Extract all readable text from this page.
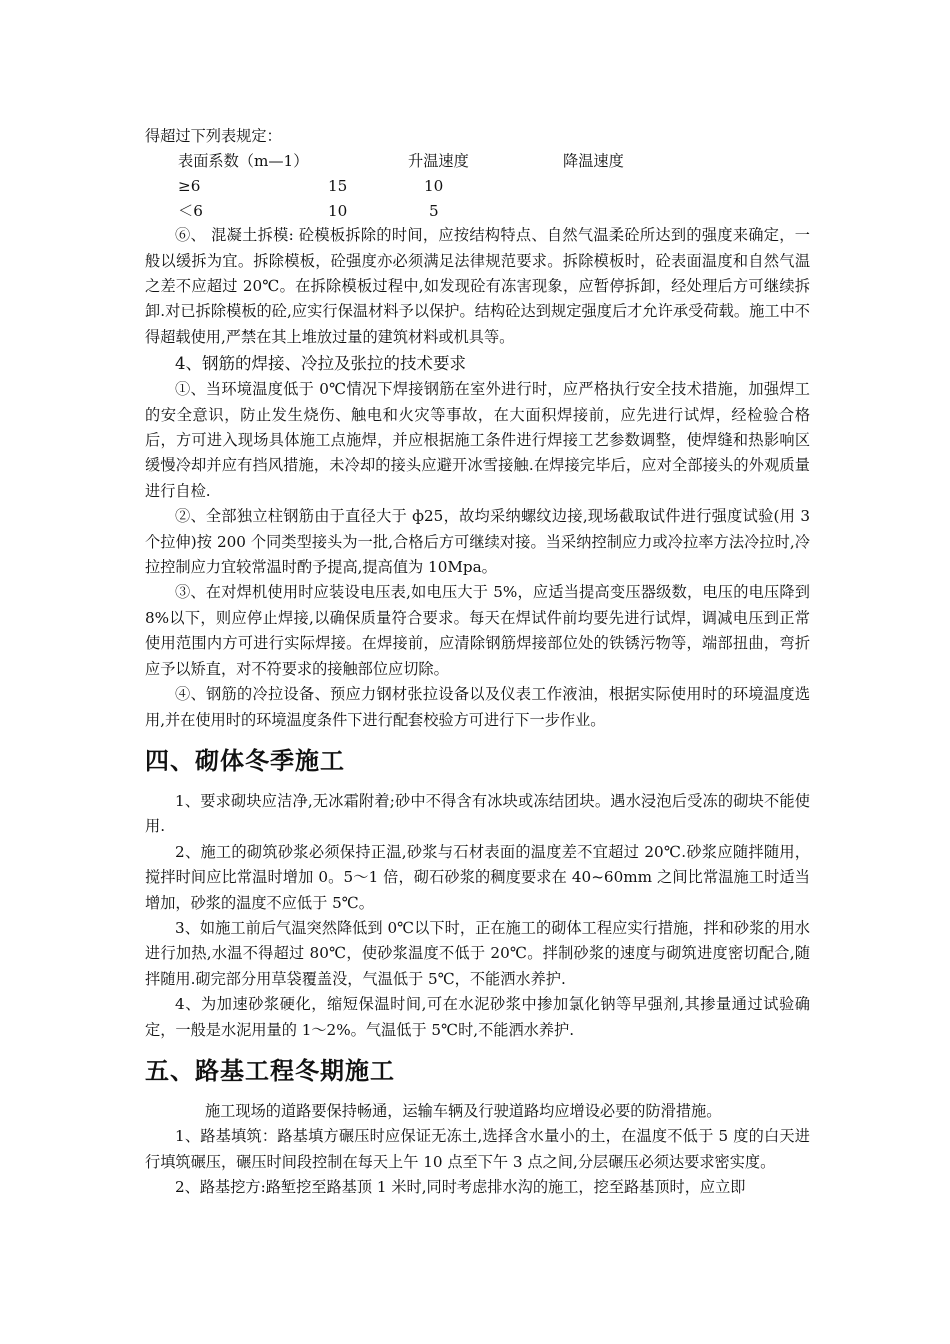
得超过下列表规定：

表面系数（m—1）	升温速度	降温速度
≥6	15	10
＜6	10	5

⑥、 混凝土拆模: 砼模板拆除的时间，应按结构特点、自然气温柔砼所达到的强度来确定，一般以缓拆为宜。拆除模板，砼强度亦必须满足法律规范要求。拆除模板时，砼表面温度和自然气温之差不应超过 20℃。在拆除模板过程中,如发现砼有冻害现象，应暂停拆卸，经处理后方可继续拆卸.对已拆除模板的砼,应实行保温材料予以保护。结构砼达到规定强度后才允许承受荷载。施工中不得超载使用,严禁在其上堆放过量的建筑材料或机具等。

4、钢筋的焊接、冷拉及张拉的技术要求

①、当环境温度低于 0℃情况下焊接钢筋在室外进行时，应严格执行安全技术措施，加强焊工的安全意识，防止发生烧伤、触电和火灾等事故，在大面积焊接前，应先进行试焊，经检验合格后，方可进入现场具体施工点施焊，并应根据施工条件进行焊接工艺参数调整，使焊缝和热影响区缓慢冷却并应有挡风措施，未冷却的接头应避开冰雪接触.在焊接完毕后，应对全部接头的外观质量进行自检.

②、全部独立柱钢筋由于直径大于 ф25，故均采纳螺纹边接,现场截取试件进行强度试验(用 3 个拉伸)按 200 个同类型接头为一批,合格后方可继续对接。当采纳控制应力或冷拉率方法冷拉时,冷拉控制应力宜较常温时酌予提高,提高值为 10Mpa。

③、在对焊机使用时应装设电压表,如电压大于 5%，应适当提高变压器级数，电压的电压降到 8%以下，则应停止焊接,以确保质量符合要求。每天在焊试件前均要先进行试焊，调减电压到正常使用范围内方可进行实际焊接。在焊接前，应清除钢筋焊接部位处的铁锈污物等，端部扭曲，弯折应予以矫直，对不符要求的接触部位应切除。

④、钢筋的冷拉设备、预应力钢材张拉设备以及仪表工作液油，根据实际使用时的环境温度选用,并在使用时的环境温度条件下进行配套校验方可进行下一步作业。

四、砌体冬季施工

1、要求砌块应洁净,无冰霜附着;砂中不得含有冰块或冻结团块。遇水浸泡后受冻的砌块不能使用.

2、施工的砌筑砂浆必须保持正温,砂浆与石材表面的温度差不宜超过 20℃.砂浆应随拌随用，搅拌时间应比常温时增加 0。5～1 倍，砌石砂浆的稠度要求在 40~60mm 之间比常温施工时适当增加，砂浆的温度不应低于 5℃。

3、如施工前后气温突然降低到 0℃以下时，正在施工的砌体工程应实行措施，拌和砂浆的用水进行加热,水温不得超过 80℃，使砂浆温度不低于 20℃。拌制砂浆的速度与砌筑进度密切配合,随拌随用.砌完部分用草袋覆盖没，气温低于 5℃，不能洒水养护.

4、为加速砂浆硬化，缩短保温时间,可在水泥砂浆中掺加氯化钠等早强剂,其掺量通过试验确定，一般是水泥用量的 1～2%。气温低于 5℃时,不能洒水养护.

五、路基工程冬期施工

施工现场的道路要保持畅通，运输车辆及行驶道路均应增设必要的防滑措施。

1、路基填筑：路基填方碾压时应保证无冻土,选择含水量小的土，在温度不低于 5 度的白天进行填筑碾压，碾压时间段控制在每天上午 10 点至下午 3 点之间,分层碾压必须达要求密实度。

2、路基挖方:路堑挖至路基顶 1 米时,同时考虑排水沟的施工，挖至路基顶时，应立即
